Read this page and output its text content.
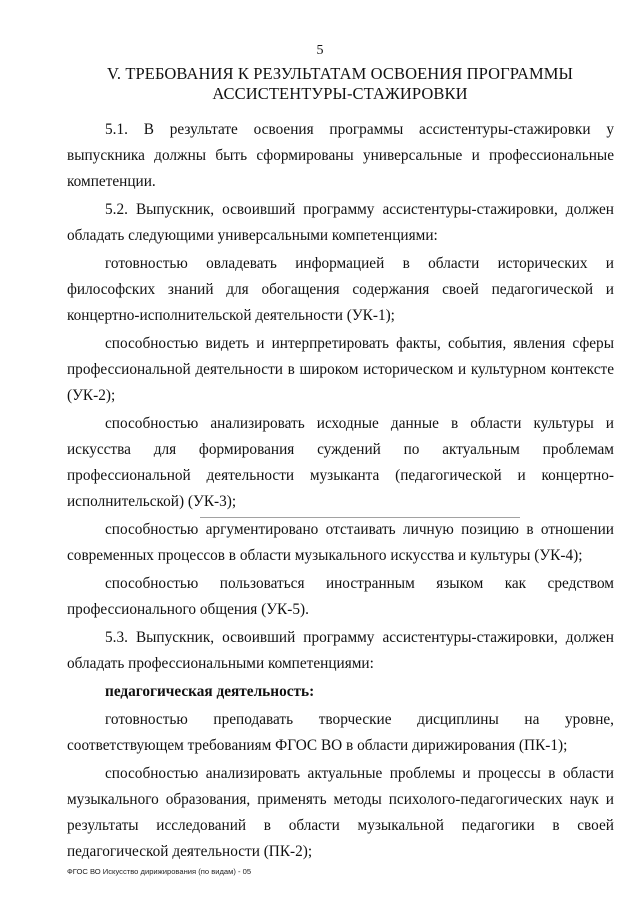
5
V. ТРЕБОВАНИЯ К РЕЗУЛЬТАТАМ ОСВОЕНИЯ ПРОГРАММЫ
АССИСТЕНТУРЫ-СТАЖИРОВКИ

5.1. В результате освоения программы ассистентуры-стажировки у выпускника должны быть сформированы универсальные и профессиональные компетенции.

5.2. Выпускник, освоивший программу ассистентуры-стажировки, должен обладать следующими универсальными компетенциями:

готовностью овладевать информацией в области исторических и философских знаний для обогащения содержания своей педагогической и концертно-исполнительской деятельности (УК-1);

способностью видеть и интерпретировать факты, события, явления сферы профессиональной деятельности в широком историческом и культурном контексте (УК-2);

способностью анализировать исходные данные в области культуры и искусства для формирования суждений по актуальным проблемам профессиональной деятельности музыканта (педагогической и концертно-исполнительской) (УК-3);

способностью аргументировано отстаивать личную позицию в отношении современных процессов в области музыкального искусства и культуры (УК-4);

способностью пользоваться иностранным языком как средством профессионального общения (УК-5).

5.3. Выпускник, освоивший программу ассистентуры-стажировки, должен обладать профессиональными компетенциями:

педагогическая деятельность:

готовностью преподавать творческие дисциплины на уровне, соответствующем требованиям ФГОС ВО в области дирижирования (ПК-1);

способностью анализировать актуальные проблемы и процессы в области музыкального образования, применять методы психолого-педагогических наук и результаты исследований в области музыкальной педагогики в своей педагогической деятельности (ПК-2);

ФГОС ВО Искусство дирижирования (по видам) - 05
